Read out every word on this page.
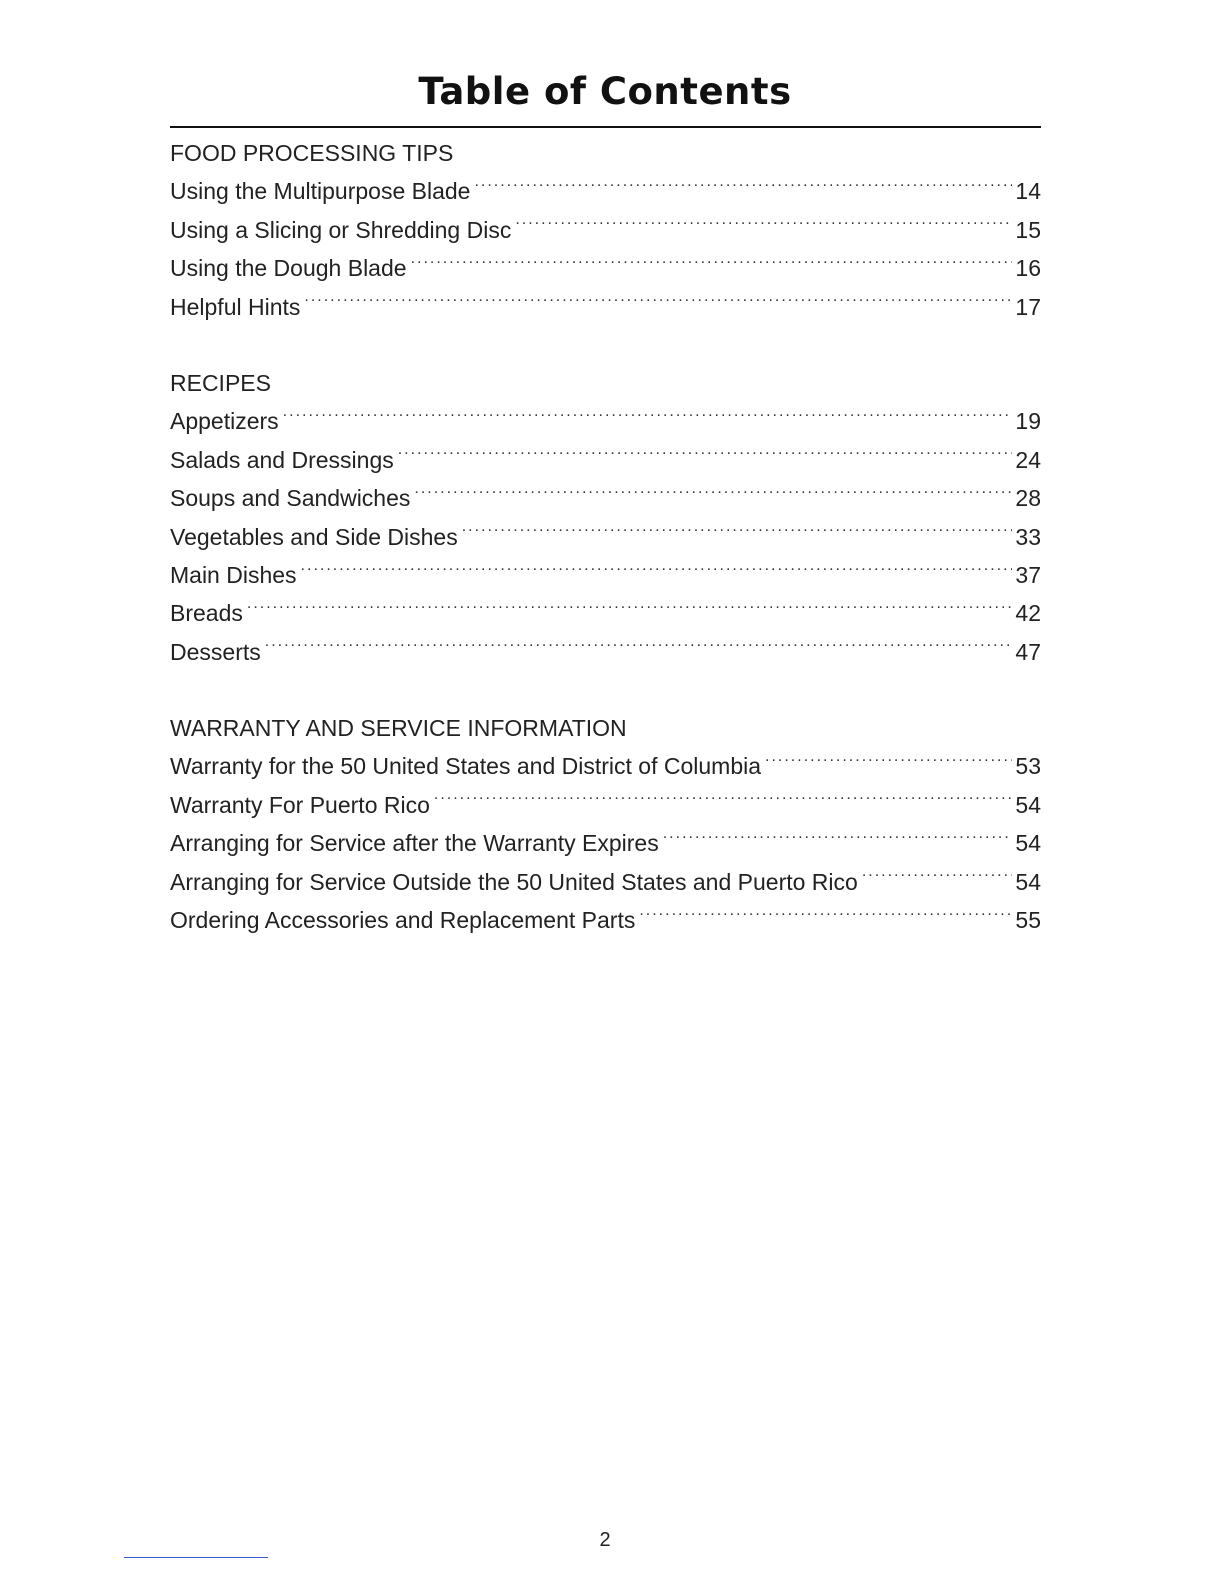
Table of Contents
FOOD PROCESSING TIPS
Using the Multipurpose Blade .....	14
Using a Slicing or Shredding Disc .....	15
Using the Dough Blade .....	16
Helpful Hints .....	17
RECIPES
Appetizers .....	19
Salads and Dressings .....	24
Soups and Sandwiches .....	28
Vegetables and Side Dishes .....	33
Main Dishes .....	37
Breads .....	42
Desserts .....	47
WARRANTY AND SERVICE INFORMATION
Warranty for the 50 United States and District of Columbia .....	53
Warranty For Puerto Rico .....	54
Arranging for Service after the Warranty Expires .....	54
Arranging for Service Outside the 50 United States and Puerto Rico .....	54
Ordering Accessories and Replacement Parts .....	55
2
